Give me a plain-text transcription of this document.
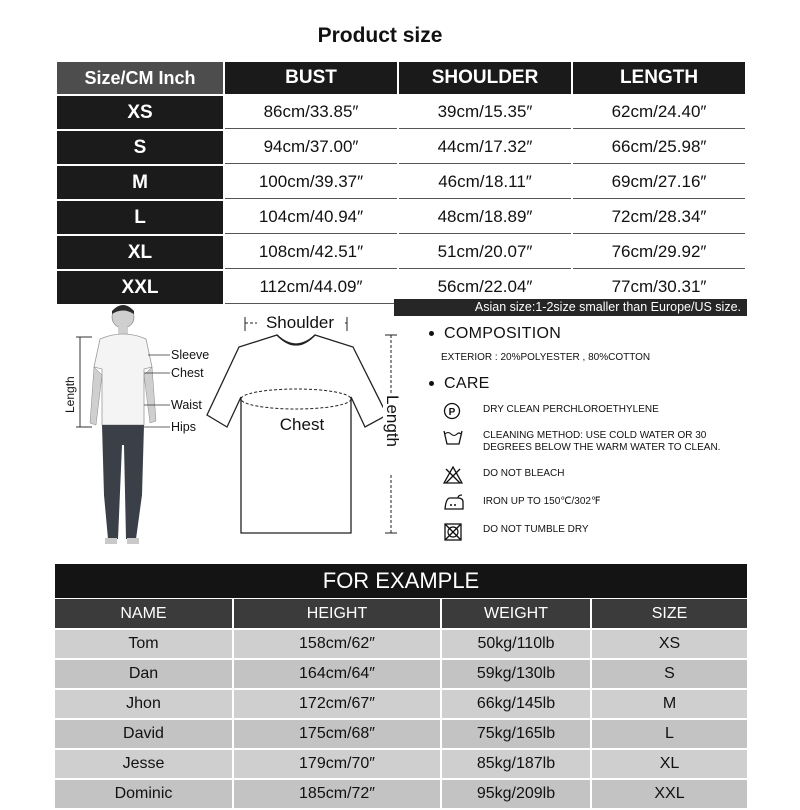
Product size
Size/CM Inch	BUST	SHOULDER	LENGTH
XS	86cm/33.85″	39cm/15.35″	62cm/24.40″
S	94cm/37.00″	44cm/17.32″	66cm/25.98″
M	100cm/39.37″	46cm/18.11″	69cm/27.16″
L	104cm/40.94″	48cm/18.89″	72cm/28.34″
XL	108cm/42.51″	51cm/20.07″	76cm/29.92″
XXL	112cm/44.09″	56cm/22.04″	77cm/30.31″
Asian size:1-2size smaller than Europe/US size.
Length
Sleeve
Chest
Waist
Hips
Shoulder
Chest	Length
COMPOSITION
EXTERIOR : 20%POLYESTER , 80%COTTON
CARE
P	DRY CLEAN PERCHLOROETHYLENE
CLEANING METHOD: USE COLD WATER OR 30 DEGREES BELOW THE WARM WATER TO CLEAN.
DO NOT BLEACH
IRON UP TO 150℃/302℉
DO NOT TUMBLE DRY
FOR EXAMPLE
NAME	HEIGHT	WEIGHT	SIZE
Tom	158cm/62″	50kg/110lb	XS
Dan	164cm/64″	59kg/130lb	S
Jhon	172cm/67″	66kg/145lb	M
David	175cm/68″	75kg/165lb	L
Jesse	179cm/70″	85kg/187lb	XL
Dominic	185cm/72″	95kg/209lb	XXL
